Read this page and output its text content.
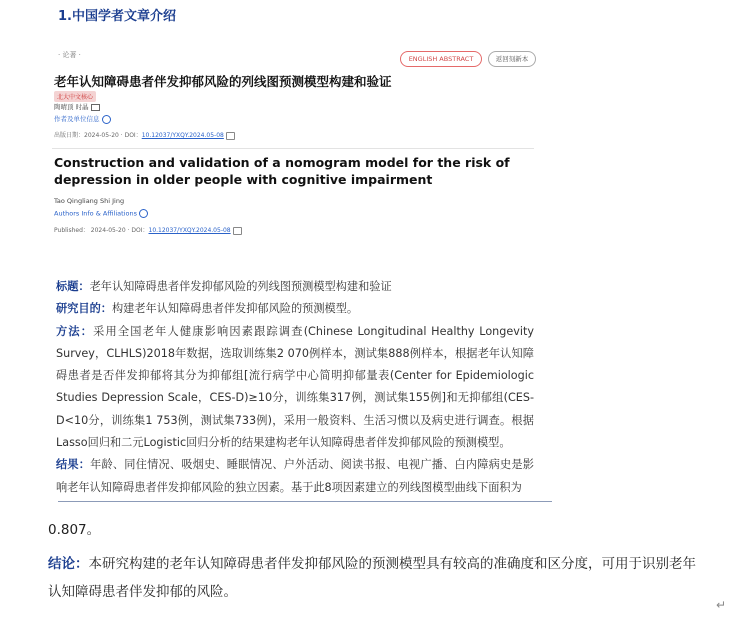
1.中国学者文章介绍
· 论著 ·	ENGLISH ABSTRACT	返回刻新本
老年认知障碍患者伴发抑郁风险的列线图预测模型构建和验证
北大中文核心
陶晴顶 时晶
作者及单位信息
出版日期：2024-05-20 · DOI：10.12037/YXQY.2024.05-08
Construction and validation of a nomogram model for the risk of depression in older people with cognitive impairment
Tao Qingliang Shi Jing
Authors Info & Affiliations
Published： 2024-05-20 · DOI：10.12037/YXQY.2024.05-08

标题：老年认知障碍患者伴发抑郁风险的列线图预测模型构建和验证

研究目的：构建老年认知障碍患者伴发抑郁风险的预测模型。

方法：采用全国老年人健康影响因素跟踪调查(Chinese Longitudinal Healthy Longevity Survey，CLHLS)2018年数据，选取训练集2 070例样本，测试集888例样本，根据老年认知障碍患者是否伴发抑郁将其分为抑郁组[流行病学中心简明抑郁量表(Center for Epidemiologic Studies Depression Scale，CES-D)≥10分，训练集317例，测试集155例]和无抑郁组(CES-D<10分，训练集1 753例，测试集733例)，采用一般资料、生活习惯以及病史进行调查。根据Lasso回归和二元Logistic回归分析的结果建构老年认知障碍患者伴发抑郁风险的预测模型。

结果：年龄、同住情况、吸烟史、睡眠情况、户外活动、阅读书报、电视广播、白内障病史是影响老年认知障碍患者伴发抑郁风险的独立因素。基于此8项因素建立的列线图模型曲线下面积为

0.807。
结论：本研究构建的老年认知障碍患者伴发抑郁风险的预测模型具有较高的准确度和区分度，可用于识别老年认知障碍患者伴发抑郁的风险。
↵
